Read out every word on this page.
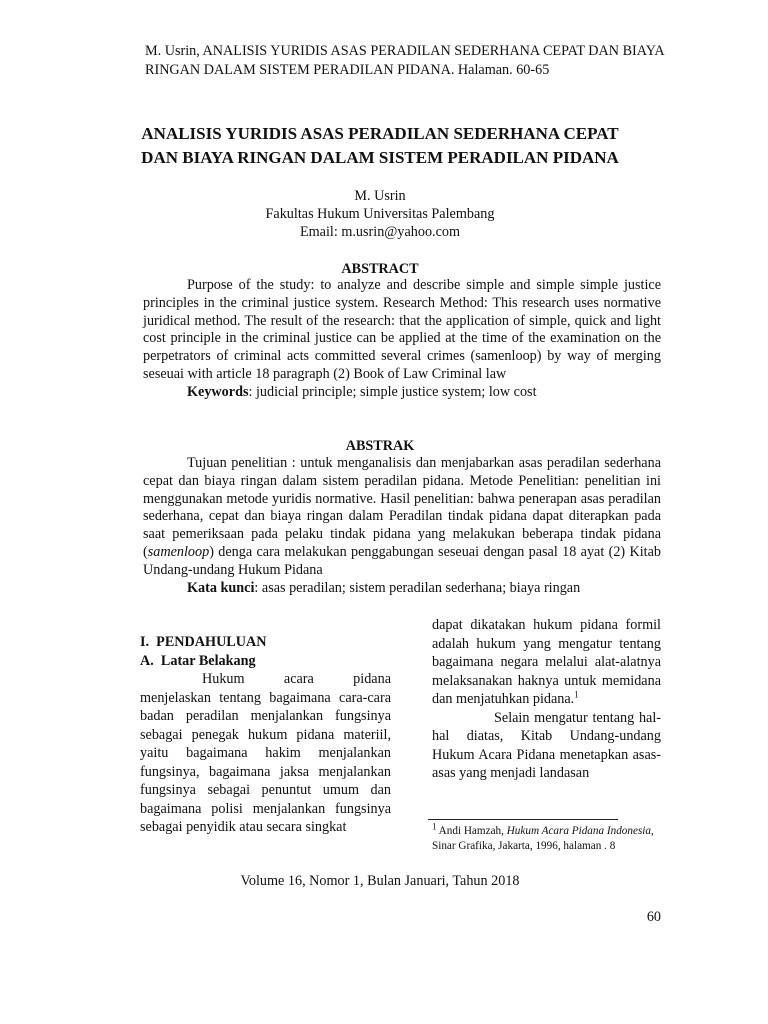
M. Usrin, ANALISIS YURIDIS ASAS PERADILAN SEDERHANA CEPAT DAN BIAYA RINGAN DALAM SISTEM PERADILAN PIDANA. Halaman. 60-65
ANALISIS YURIDIS ASAS PERADILAN SEDERHANA CEPAT
DAN BIAYA RINGAN DALAM SISTEM PERADILAN PIDANA
M. Usrin
Fakultas Hukum Universitas Palembang
Email: m.usrin@yahoo.com
ABSTRACT

Purpose of the study: to analyze and describe simple and simple simple justice principles in the criminal justice system. Research Method: This research uses normative juridical method. The result of the research: that the application of simple, quick and light cost principle in the criminal justice can be applied at the time of the examination on the perpetrators of criminal acts committed several crimes (samenloop) by way of merging seseuai with article 18 paragraph (2) Book of Law Criminal law

Keywords: judicial principle; simple justice system; low cost

ABSTRAK

Tujuan penelitian : untuk menganalisis dan menjabarkan asas peradilan sederhana cepat dan biaya ringan dalam sistem peradilan pidana. Metode Penelitian: penelitian ini menggunakan metode yuridis normative. Hasil penelitian: bahwa penerapan asas peradilan sederhana, cepat dan biaya ringan dalam Peradilan tindak pidana dapat diterapkan pada saat pemeriksaan pada pelaku tindak pidana yang melakukan beberapa tindak pidana (samenloop) denga cara melakukan penggabungan seseuai dengan pasal 18 ayat (2) Kitab Undang-undang Hukum Pidana

Kata kunci: asas peradilan; sistem peradilan sederhana; biaya ringan

I.  PENDAHULUAN

A.  Latar Belakang

Hukum acara pidana menjelaskan tentang bagaimana cara-cara badan peradilan menjalankan fungsinya sebagai penegak hukum pidana materiil, yaitu bagaimana hakim menjalankan fungsinya, bagaimana jaksa menjalankan fungsinya sebagai penuntut umum dan bagaimana polisi menjalankan fungsinya sebagai penyidik atau secara singkat

dapat dikatakan hukum pidana formil adalah hukum yang mengatur tentang bagaimana negara melalui alat-alatnya melaksanakan haknya untuk memidana dan menjatuhkan pidana.$^1$

Selain mengatur tentang hal-hal diatas, Kitab Undang-undang Hukum Acara Pidana menetapkan asas-asas yang menjadi landasan

$^1$ Andi Hamzah, Hukum Acara Pidana Indonesia, Sinar Grafika, Jakarta, 1996, halaman . 8
Volume 16, Nomor 1, Bulan Januari, Tahun 2018
60
